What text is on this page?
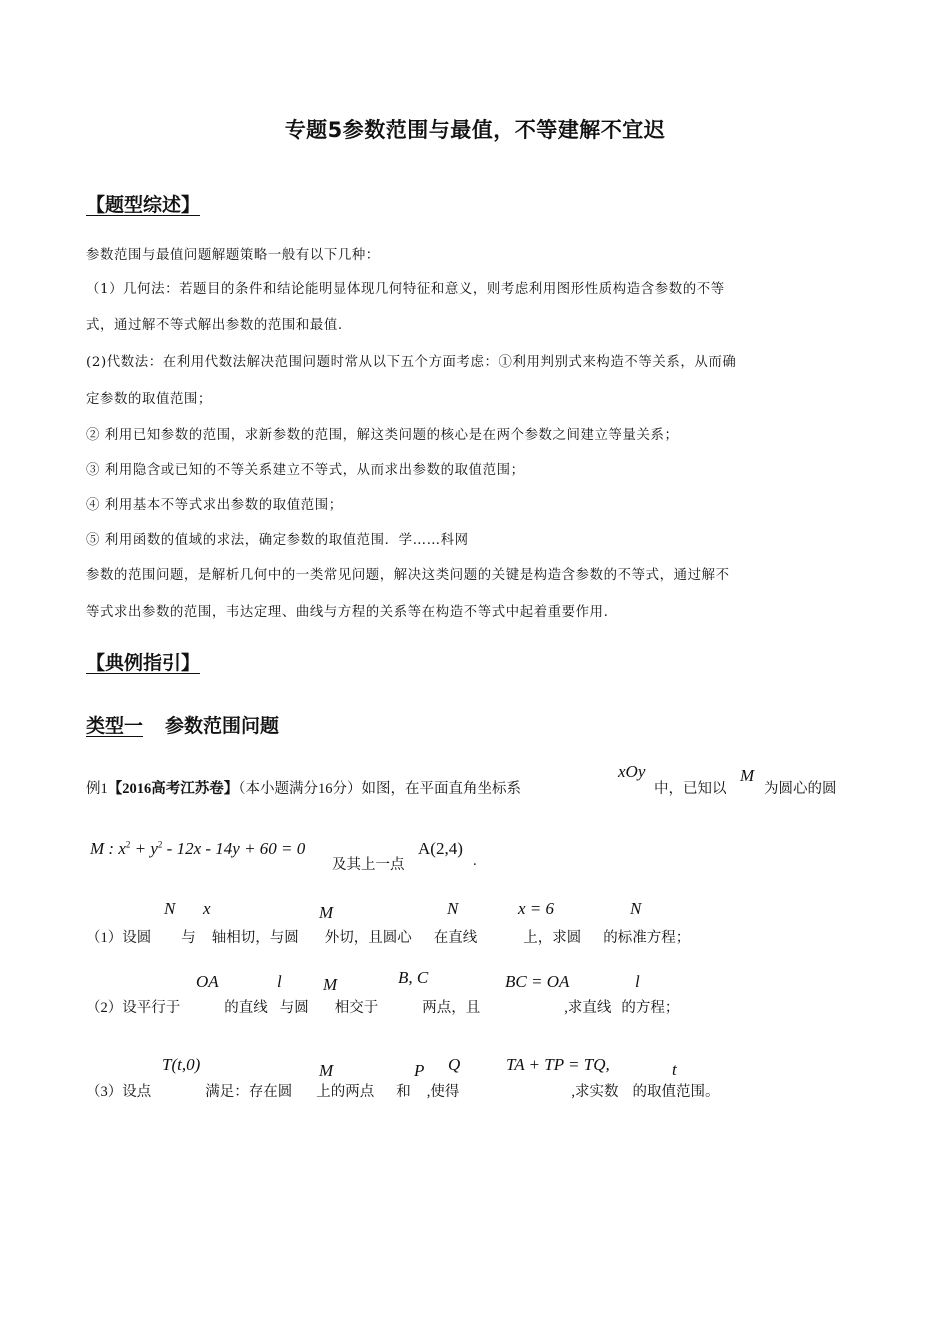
专题5参数范围与最值，不等建解不宜迟
【题型综述】
参数范围与最值问题解题策略一般有以下几种：
（1）几何法：若题目的条件和结论能明显体现几何特征和意义，则考虑利用图形性质构造含参数的不等
式，通过解不等式解出参数的范围和最值.
(2)代数法：在利用代数法解决范围问题时常从以下五个方面考虑：①利用判别式来构造不等关系，从而确
定参数的取值范围；
② 利用已知参数的范围，求新参数的范围，解这类问题的核心是在两个参数之间建立等量关系；
③ 利用隐含或已知的不等关系建立不等式，从而求出参数的取值范围；
④ 利用基本不等式求出参数的取值范围；
⑤ 利用函数的值域的求法，确定参数的取值范围．学……科网
参数的范围问题，是解析几何中的一类常见问题，解决这类问题的关键是构造含参数的不等式，通过解不
等式求出参数的范围，韦达定理、曲线与方程的关系等在构造不等式中起着重要作用.
【典例指引】
类型一 参数范围问题
例1【2016高考江苏卷】（本小题满分16分）如图，在平面直角坐标系
xOy
中，已知以
M
为圆心的圆
M : $x^2 + y^2 - 12x - 14y + 60 = 0$
及其上一点
A(2,4)
.
N x	M	N	x = 6	N
（1）设圆 与 轴相切，与圆 外切，且圆心 在直线	上，求圆 的标准方程；
OA	l M	B, C	BC = OA	l
（2）设平行于	的直线 与圆 相交于	两点，且	,求直线 的方程；
T(t,0)	M	P Q	TA + TP = TQ,	t
（3）设点	满足：存在圆 上的两点 和 ,使得	,求实数 的取值范围。
